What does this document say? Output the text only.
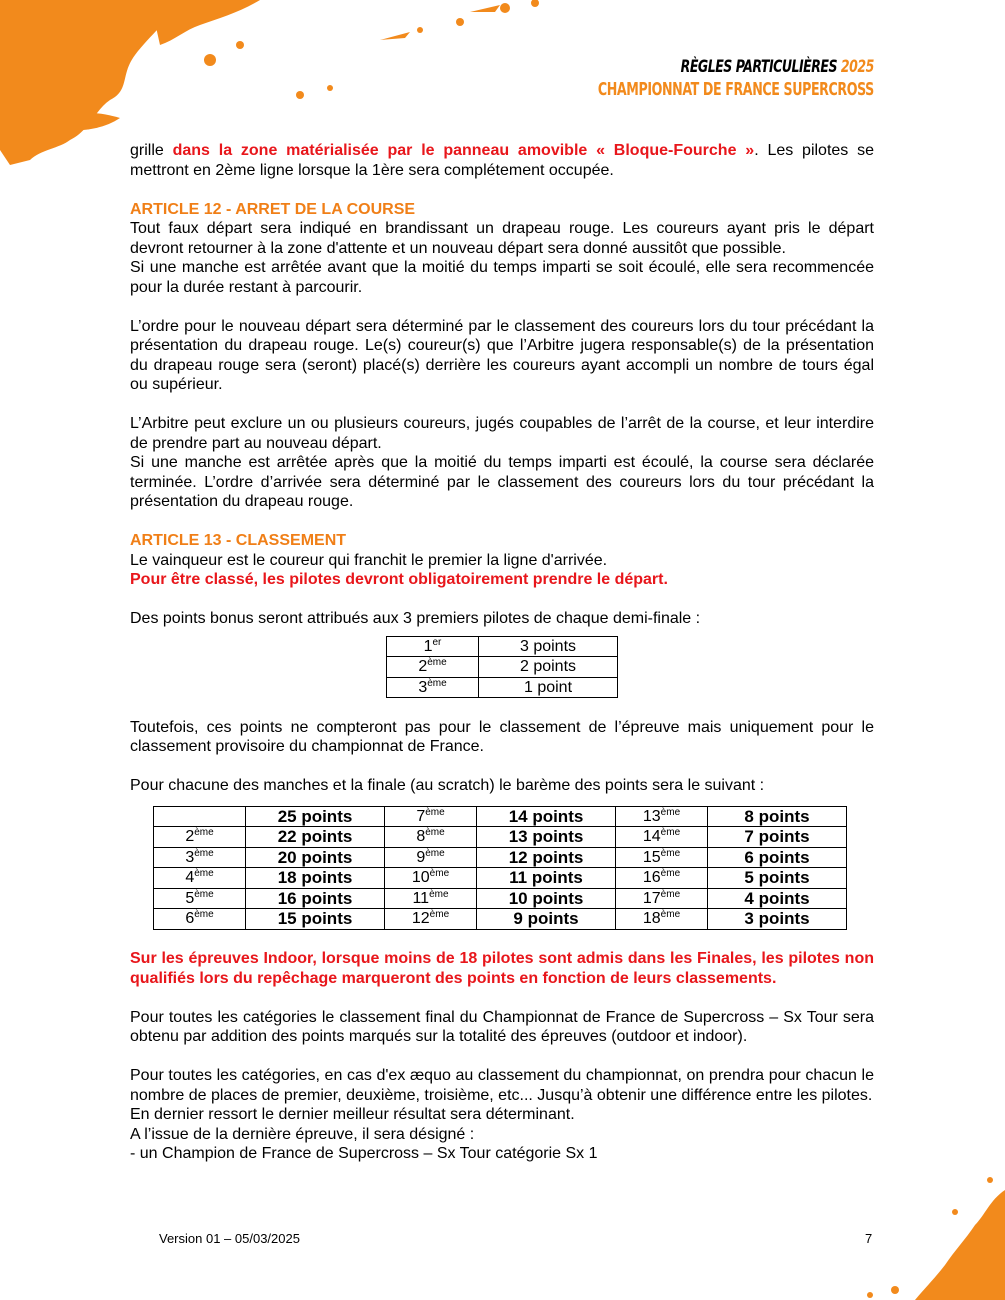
RÈGLES PARTICULIÈRES 2025
CHAMPIONNAT DE FRANCE SUPERCROSS

grille dans la zone matérialisée par le panneau amovible « Bloque-Fourche ». Les pilotes se mettront en 2ème ligne lorsque la 1ère sera complétement occupée.

ARTICLE 12 - ARRET DE LA COURSE

Tout faux départ sera indiqué en brandissant un drapeau rouge. Les coureurs ayant pris le départ devront retourner à la zone d'attente et un nouveau départ sera donné aussitôt que possible.

Si une manche est arrêtée avant que la moitié du temps imparti se soit écoulé, elle sera recommencée pour la durée restant à parcourir.

L’ordre pour le nouveau départ sera déterminé par le classement des coureurs lors du tour précédant la présentation du drapeau rouge. Le(s) coureur(s) que l’Arbitre jugera responsable(s) de la présentation du drapeau rouge sera (seront) placé(s) derrière les coureurs ayant accompli un nombre de tours égal ou supérieur.

L’Arbitre peut exclure un ou plusieurs coureurs, jugés coupables de l’arrêt de la course, et leur interdire de prendre part au nouveau départ.

Si une manche est arrêtée après que la moitié du temps imparti est écoulé, la course sera déclarée terminée. L’ordre d’arrivée sera déterminé par le classement des coureurs lors du tour précédant la présentation du drapeau rouge.

ARTICLE 13 - CLASSEMENT

Le vainqueur est le coureur qui franchit le premier la ligne d'arrivée.

Pour être classé, les pilotes devront obligatoirement prendre le départ.

Des points bonus seront attribués aux 3 premiers pilotes de chaque demi-finale :

1er	3 points
2ème	2 points
3ème	1 point

Toutefois, ces points ne compteront pas pour le classement de l’épreuve mais uniquement pour le classement provisoire du championnat de France.

Pour chacune des manches et la finale (au scratch) le barème des points sera le suivant :

	25 points	7ème	14 points	13ème	8 points
2ème	22 points	8ème	13 points	14ème	7 points
3ème	20 points	9ème	12 points	15ème	6 points
4ème	18 points	10ème	11 points	16ème	5 points
5ème	16 points	11ème	10 points	17ème	4 points
6ème	15 points	12ème	9 points	18ème	3 points

Sur les épreuves Indoor, lorsque moins de 18 pilotes sont admis dans les Finales, les pilotes non qualifiés lors du repêchage marqueront des points en fonction de leurs classements.

Pour toutes les catégories le classement final du Championnat de France de Supercross – Sx Tour sera obtenu par addition des points marqués sur la totalité des épreuves (outdoor et indoor).

Pour toutes les catégories, en cas d'ex æquo au classement du championnat, on prendra pour chacun le nombre de places de premier, deuxième, troisième, etc... Jusqu’à obtenir une différence entre les pilotes.

En dernier ressort le dernier meilleur résultat sera déterminant.

A l’issue de la dernière épreuve, il sera désigné :

- un Champion de France de Supercross – Sx Tour catégorie Sx 1

Version 01 – 05/03/2025	7
